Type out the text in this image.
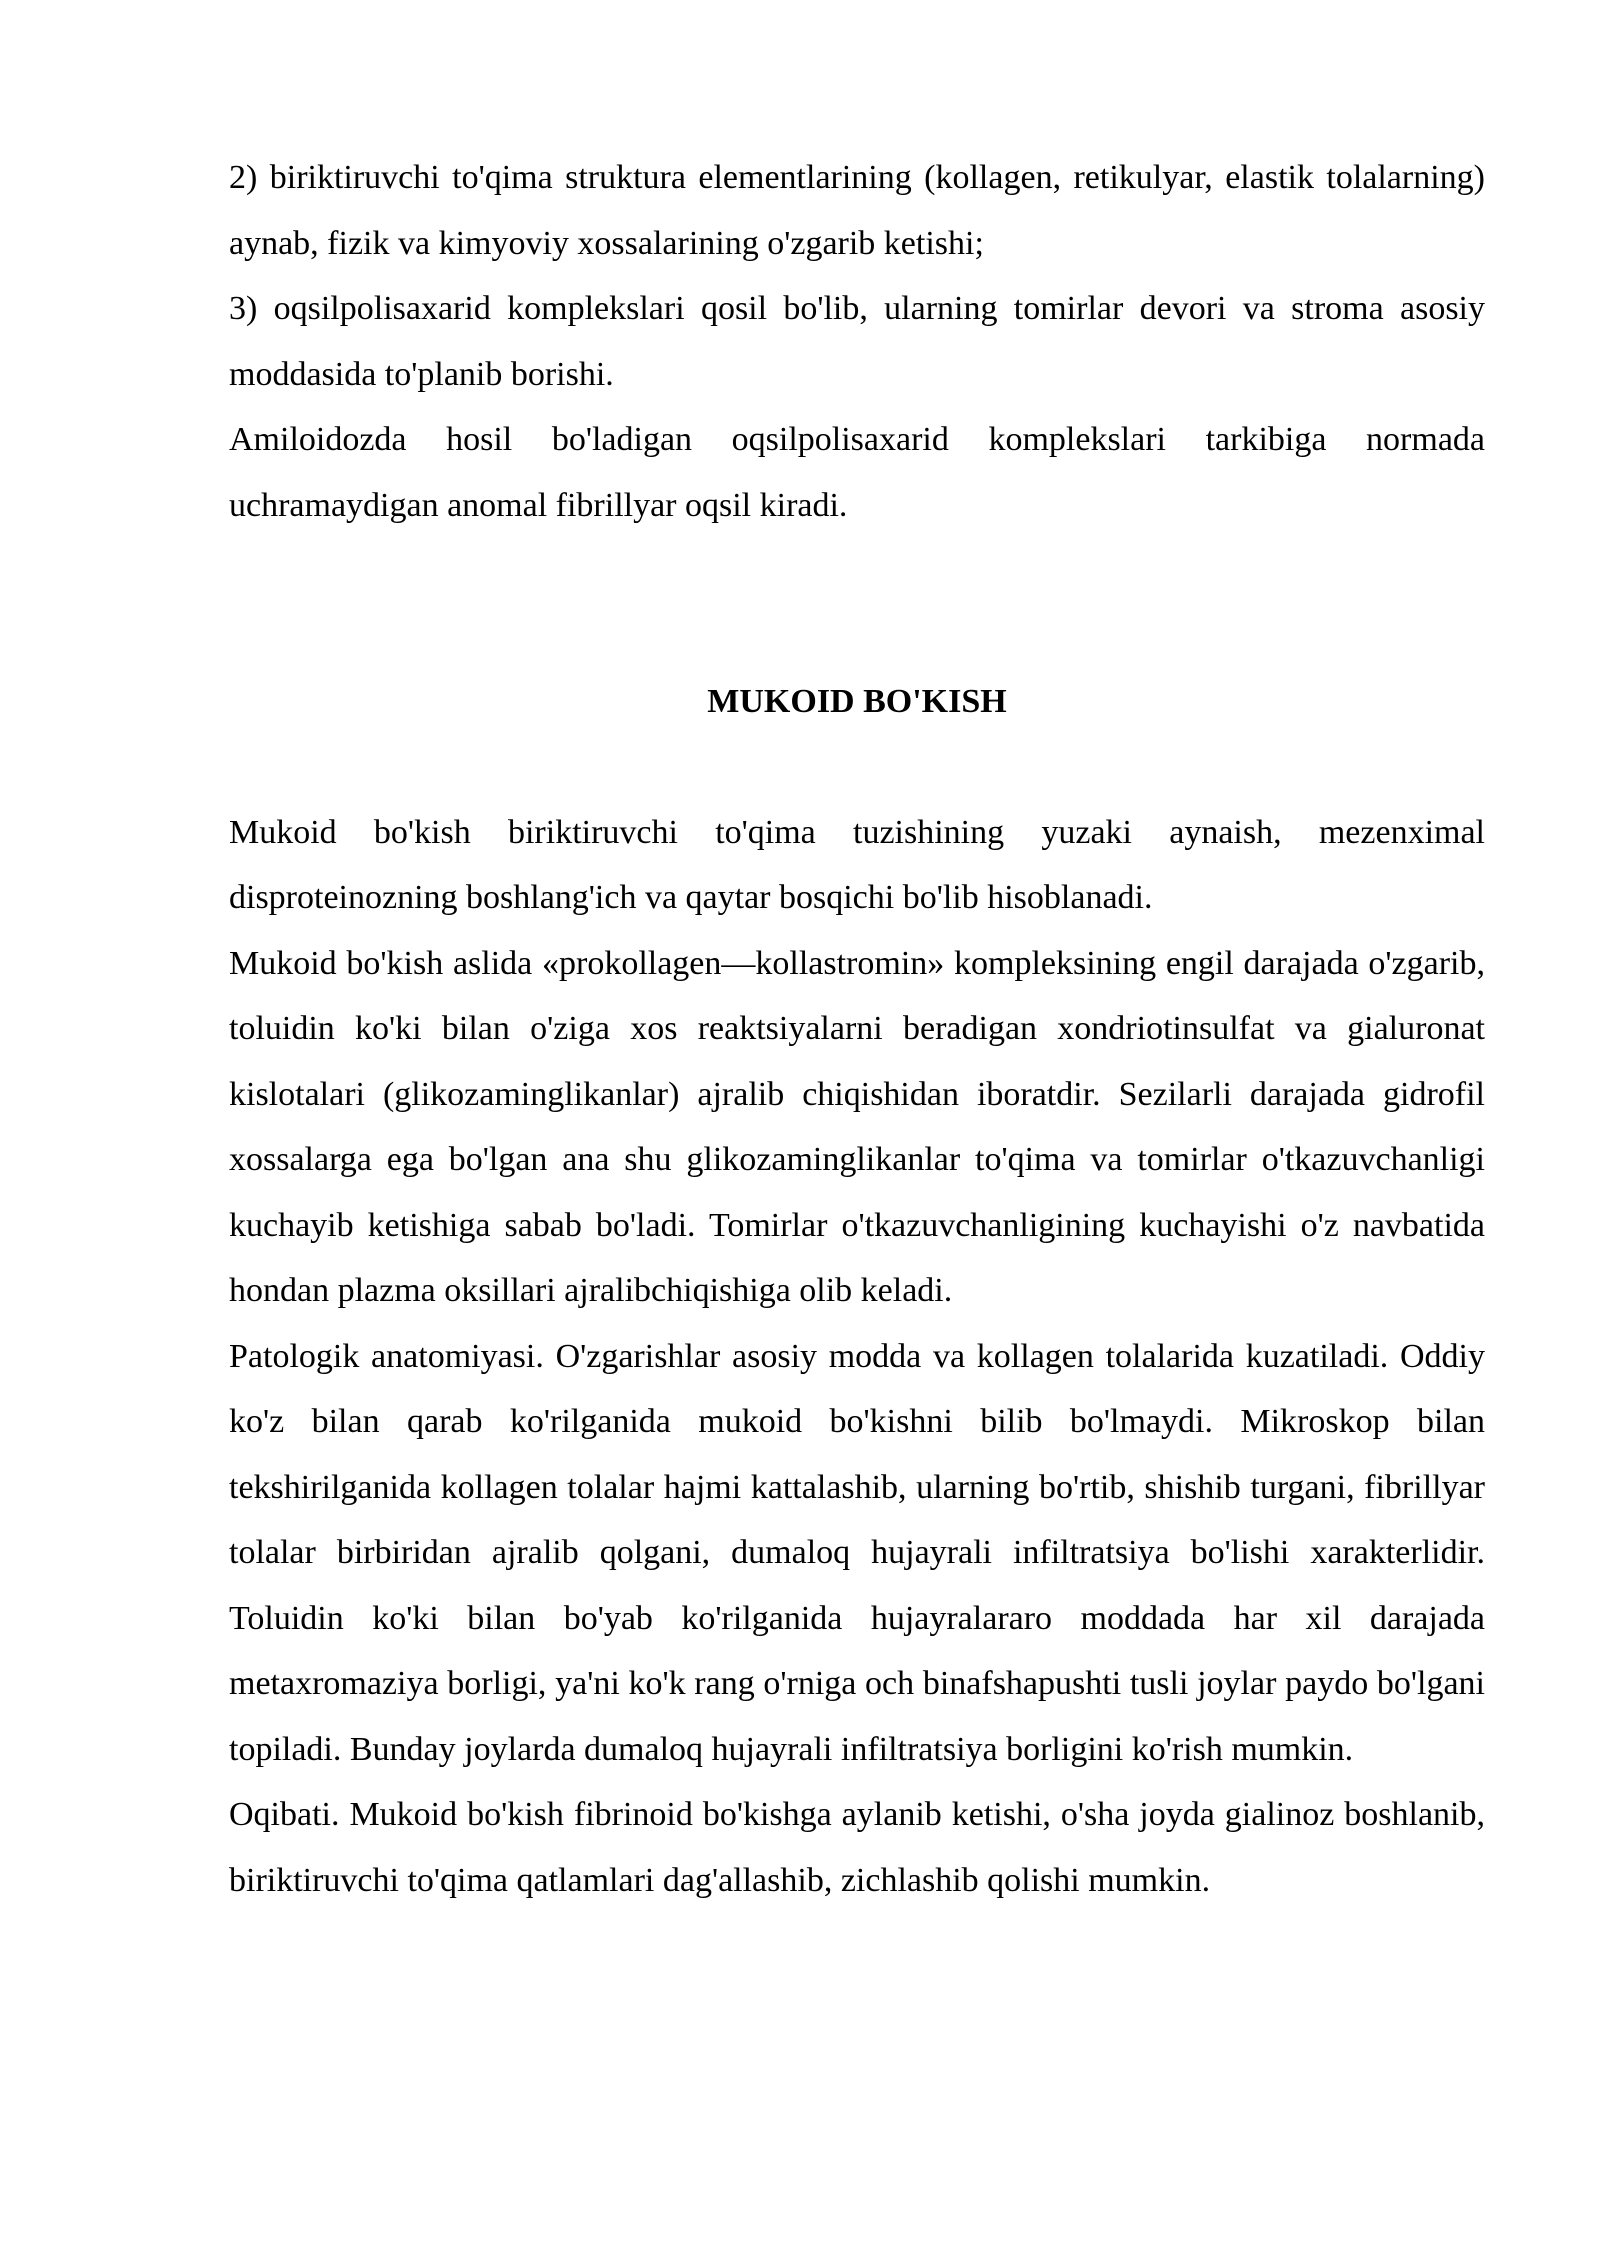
2) biriktiruvchi to'qima struktura elementlarining (kollagen, retikulyar, elastik tolalarning) aynab, fizik va kimyoviy xossalarining o'zgarib ketishi;

3) oqsilpolisaxarid komplekslari qosil bo'lib, ularning tomirlar devori va stroma asosiy moddasida to'planib borishi.

Amiloidozda hosil bo'ladigan oqsilpolisaxarid komplekslari tarkibiga normada uchramaydigan anomal fibrillyar oqsil kiradi.

MUKOID BO'KISH

Mukoid bo'kish biriktiruvchi to'qima tuzishining yuzaki aynaish, mezenximal disproteinozning boshlang'ich va qaytar bosqichi bo'lib hisoblanadi.

Mukoid bo'kish aslida «prokollagen—kollastromin» kompleksining engil darajada o'zgarib, toluidin ko'ki bilan o'ziga xos reaktsiyalarni beradigan xondriotinsulfat va gialuronat kislotalari (glikozaminglikanlar) ajralib chiqishidan iboratdir. Sezilarli darajada gidrofil xossalarga ega bo'lgan ana shu glikozaminglikanlar to'qima va tomirlar o'tkazuvchanligi kuchayib ketishiga sabab bo'ladi. Tomirlar o'tkazuvchanligining kuchayishi o'z navbatida hondan plazma oksillari ajralibchiqishiga olib keladi.

Patologik anatomiyasi. O'zgarishlar asosiy modda va kollagen tolalarida kuzatiladi. Oddiy ko'z bilan qarab ko'rilganida mukoid bo'kishni bilib bo'lmaydi. Mikroskop bilan tekshirilganida kollagen tolalar hajmi kattalashib, ularning bo'rtib, shishib turgani, fibrillyar tolalar birbiridan ajralib qolgani, dumaloq hujayrali infiltratsiya bo'lishi xarakterlidir. Toluidin ko'ki bilan bo'yab ko'rilganida hujayralararo moddada har xil darajada metaxromaziya borligi, ya'ni ko'k rang o'rniga och binafshapushti tusli joylar paydo bo'lgani topiladi. Bunday joylarda dumaloq hujayrali infiltratsiya borligini ko'rish mumkin.

Oqibati. Mukoid bo'kish fibrinoid bo'kishga aylanib ketishi, o'sha joyda gialinoz boshlanib, biriktiruvchi to'qima qatlamlari dag'allashib, zichlashib qolishi mumkin.
